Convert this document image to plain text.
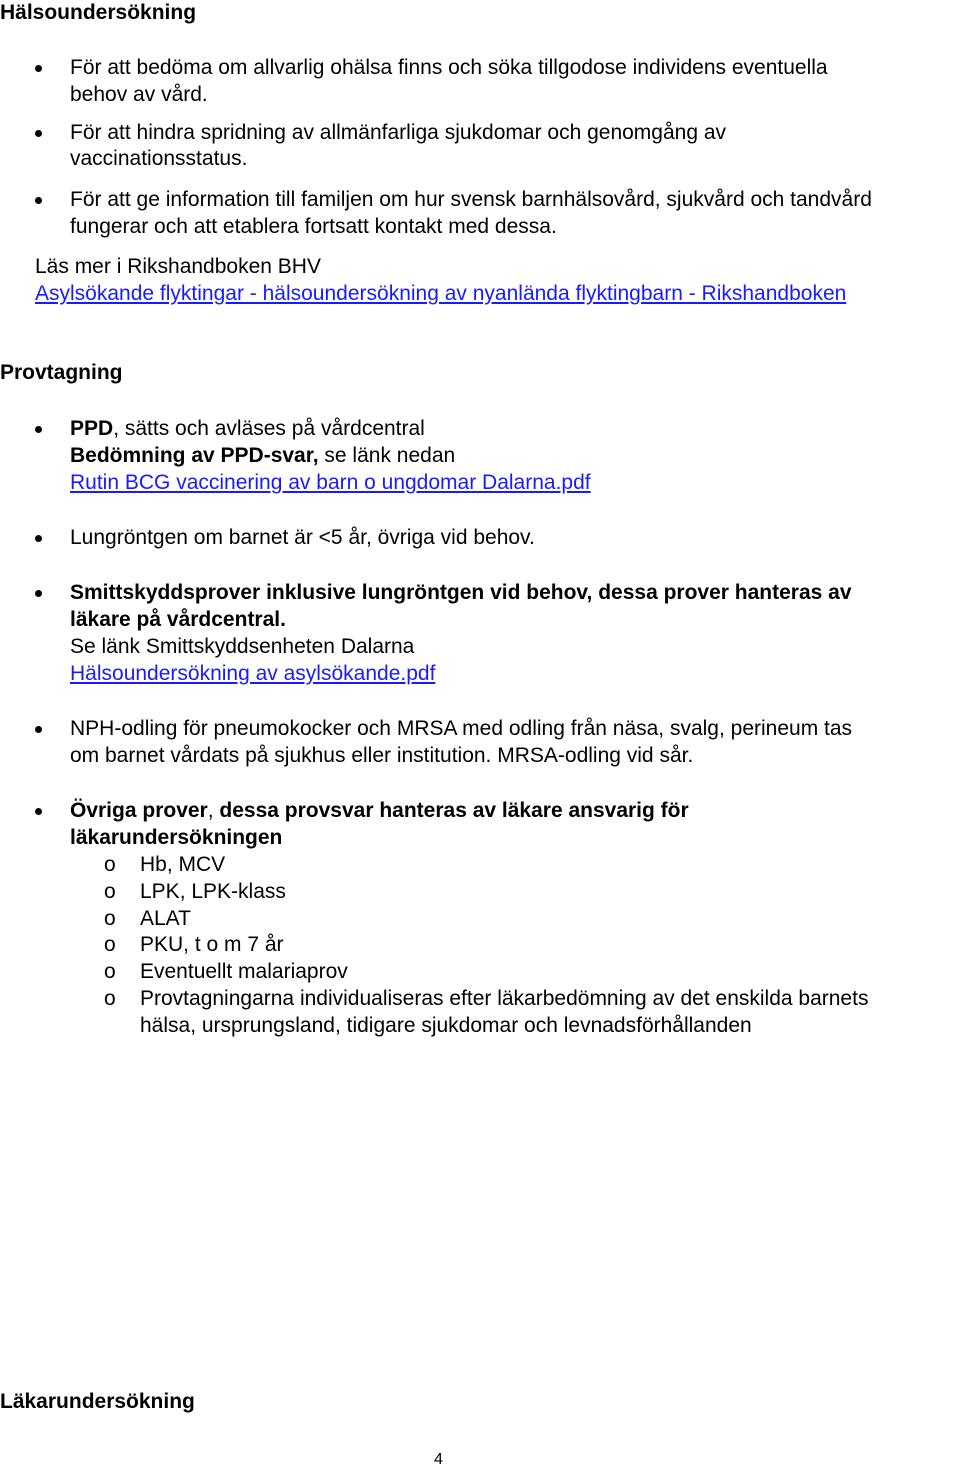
Hälsoundersökning
För att bedöma om allvarlig ohälsa finns och söka tillgodose individens eventuella
behov av vård.
För att hindra spridning av allmänfarliga sjukdomar och genomgång av
vaccinationsstatus.
För att ge information till familjen om hur svensk barnhälsovård, sjukvård och tandvård
fungerar och att etablera fortsatt kontakt med dessa.
Läs mer i Rikshandboken BHV
Asylsökande flyktingar - hälsoundersökning av nyanlända flyktingbarn - Rikshandboken
Provtagning
PPD, sätts och avläses på vårdcentral
Bedömning av PPD-svar, se länk nedan
Rutin BCG vaccinering av barn o ungdomar Dalarna.pdf
Lungröntgen om barnet är <5 år, övriga vid behov.
Smittskyddsprover inklusive lungröntgen vid behov, dessa prover hanteras av
läkare på vårdcentral.
Se länk Smittskyddsenheten Dalarna
Hälsoundersökning av asylsökande.pdf
NPH-odling för pneumokocker och MRSA med odling från näsa, svalg, perineum tas
om barnet vårdats på sjukhus eller institution. MRSA-odling vid sår.
Övriga prover, dessa provsvar hanteras av läkare ansvarig för
läkarundersökningen
o Hb, MCV
o LPK, LPK-klass
o ALAT
o PKU, t o m 7 år
o Eventuellt malariaprov
o Provtagningarna individualiseras efter läkarbedömning av det enskilda barnets
hälsa, ursprungsland, tidigare sjukdomar och levnadsförhållanden
Läkarundersökning
4
